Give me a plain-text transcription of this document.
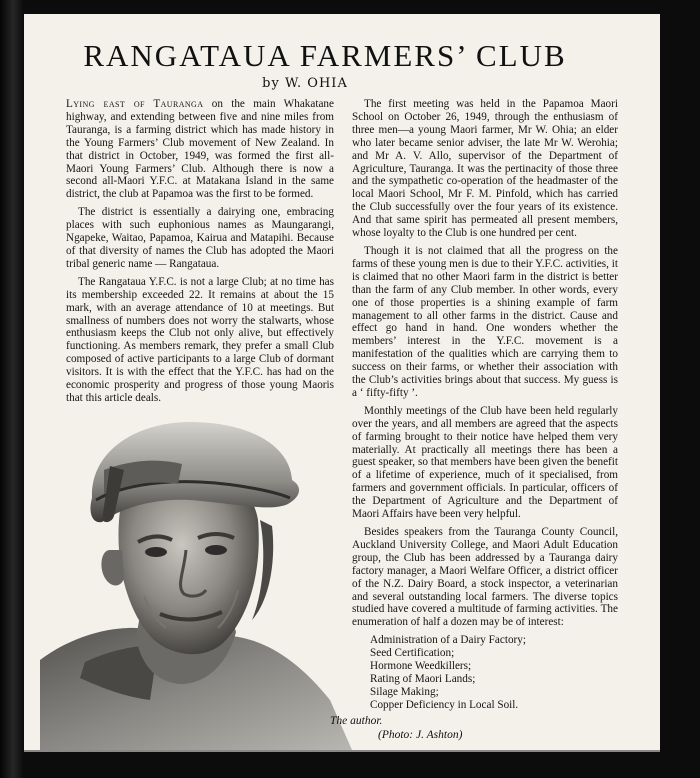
RANGATAUA FARMERS’ CLUB
by W. OHIA

Lying east of Tauranga on the main Whakatane highway, and extending between five and nine miles from Tauranga, is a farming district which has made history in the Young Farmers’ Club movement of New Zealand. In that district in October, 1949, was formed the first all-Maori Young Farmers’ Club. Although there is now a second all-Maori Y.F.C. at Matakana Island in the same district, the club at Papamoa was the first to be formed.

The district is essentially a dairying one, embracing places with such euphonious names as Maungarangi, Ngapeke, Waitao, Papamoa, Kairua and Matapihi. Because of that diversity of names the Club has adopted the Maori tribal generic name — Rangataua.

The Rangataua Y.F.C. is not a large Club; at no time has its membership exceeded 22. It remains at about the 15 mark, with an average attendance of 10 at meetings. But smallness of numbers does not worry the stalwarts, whose enthusiasm keeps the Club not only alive, but effectively functioning. As members remark, they prefer a small Club composed of active participants to a large Club of dormant visitors. It is with the effect that the Y.F.C. has had on the economic prosperity and progress of those young Maoris that this article deals.

The first meeting was held in the Papamoa Maori School on October 26, 1949, through the enthusiasm of three men—a young Maori farmer, Mr W. Ohia; an elder who later became senior adviser, the late Mr W. Werohia; and Mr A. V. Allo, supervisor of the Department of Agriculture, Tauranga. It was the pertinacity of those three and the sympathetic co-operation of the headmaster of the local Maori School, Mr F. M. Pinfold, which has carried the Club successfully over the four years of its existence. And that same spirit has permeated all present members, whose loyalty to the Club is one hundred per cent.

Though it is not claimed that all the progress on the farms of these young men is due to their Y.F.C. activities, it is claimed that no other Maori farm in the district is better than the farm of any Club member. In other words, every one of those properties is a shining example of farm management to all other farms in the district. Cause and effect go hand in hand. One wonders whether the members’ interest in the Y.F.C. movement is a manifestation of the qualities which are carrying them to success on their farms, or whether their association with the Club’s activities brings about that success. My guess is a ‘ fifty-fifty ’.

Monthly meetings of the Club have been held regularly over the years, and all members are agreed that the aspects of farming brought to their notice have helped them very materially. At practically all meetings there has been a guest speaker, so that members have been given the benefit of a lifetime of experience, much of it specialised, from farmers and government officials. In particular, officers of the Department of Agriculture and the Department of Maori Affairs have been very helpful.

Besides speakers from the Tauranga County Council, Auckland University College, and Maori Adult Education group, the Club has been addressed by a Tauranga dairy factory manager, a Maori Welfare Officer, a district officer of the N.Z. Dairy Board, a stock inspector, a veterinarian and several outstanding local farmers. The diverse topics studied have covered a multitude of farming activities. The enumeration of half a dozen may be of interest:

Administration of a Dairy Factory;
Seed Certification;
Hormone Weedkillers;
Rating of Maori Lands;
Silage Making;
Copper Deficiency in Local Soil.
The author.

(Photo: J. Ashton)
